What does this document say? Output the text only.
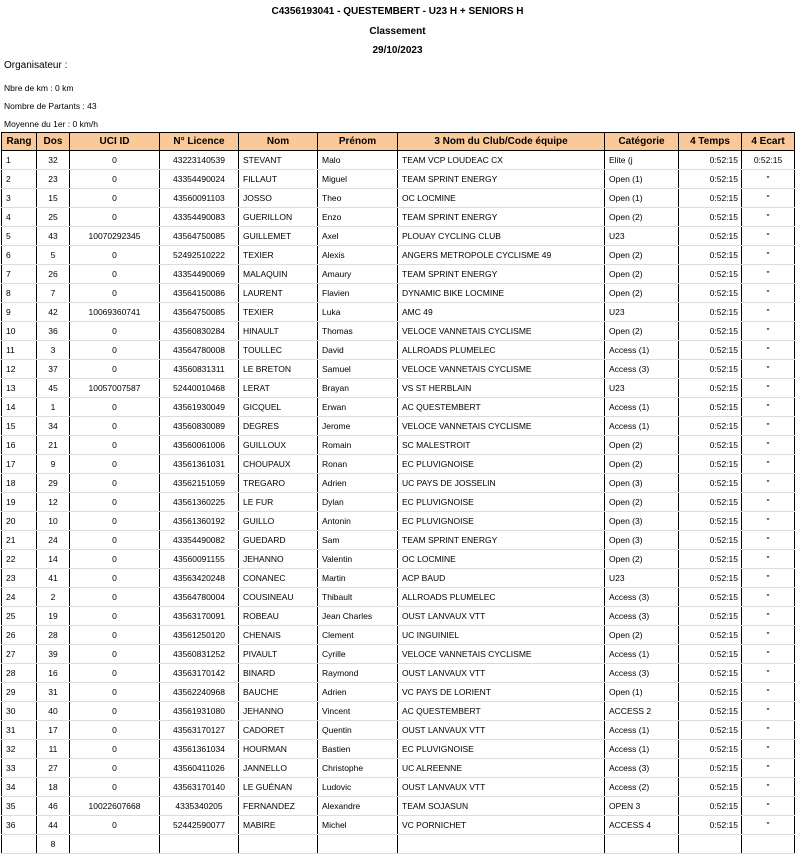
C4356193041 - QUESTEMBERT - U23 H + SENIORS H
Classement
29/10/2023
Organisateur :
Nbre de km : 0 km
Nombre de Partants : 43
Moyenne du 1er : 0 km/h
Rang	Dos	UCI ID	N° Licence	Nom	Prénom	3 Nom du Club/Code équipe	Catégorie	4 Temps	4 Ecart
1	32	0	43223140539	STEVANT	Malo	TEAM VCP LOUDEAC CX	Elite (j	0:52:15	0:52:15
2	23	0	43354490024	FILLAUT	Miguel	TEAM SPRINT ENERGY	Open (1)	0:52:15	"
3	15	0	43560091103	JOSSO	Theo	OC LOCMINE	Open (1)	0:52:15	"
4	25	0	43354490083	GUERILLON	Enzo	TEAM SPRINT ENERGY	Open (2)	0:52:15	"
5	43	10070292345	43564750085	GUILLEMET	Axel	PLOUAY CYCLING CLUB	U23	0:52:15	"
6	5	0	52492510222	TEXIER	Alexis	ANGERS METROPOLE CYCLISME 49	Open (2)	0:52:15	"
7	26	0	43354490069	MALAQUIN	Amaury	TEAM SPRINT ENERGY	Open (2)	0:52:15	"
8	7	0	43564150086	LAURENT	Flavien	DYNAMIC BIKE LOCMINE	Open (2)	0:52:15	"
9	42	10069360741	43564750085	TEXIER	Luka	AMC 49	U23	0:52:15	"
10	36	0	43560830284	HINAULT	Thomas	VELOCE VANNETAIS CYCLISME	Open (2)	0:52:15	"
11	3	0	43564780008	TOULLEC	David	ALLROADS PLUMELEC	Access (1)	0:52:15	"
12	37	0	43560831311	LE BRETON	Samuel	VELOCE VANNETAIS CYCLISME	Access (3)	0:52:15	"
13	45	10057007587	52440010468	LERAT	Brayan	VS ST HERBLAIN	U23	0:52:15	"
14	1	0	43561930049	GICQUEL	Erwan	AC QUESTEMBERT	Access (1)	0:52:15	"
15	34	0	43560830089	DEGRES	Jerome	VELOCE VANNETAIS CYCLISME	Access (1)	0:52:15	"
16	21	0	43560061006	GUILLOUX	Romain	SC MALESTROIT	Open (2)	0:52:15	"
17	9	0	43561361031	CHOUPAUX	Ronan	EC PLUVIGNOISE	Open (2)	0:52:15	"
18	29	0	43562151059	TREGARO	Adrien	UC PAYS DE JOSSELIN	Open (3)	0:52:15	"
19	12	0	43561360225	LE FUR	Dylan	EC PLUVIGNOISE	Open (2)	0:52:15	"
20	10	0	43561360192	GUILLO	Antonin	EC PLUVIGNOISE	Open (3)	0:52:15	"
21	24	0	43354490082	GUEDARD	Sam	TEAM SPRINT ENERGY	Open (3)	0:52:15	"
22	14	0	43560091155	JEHANNO	Valentin	OC LOCMINE	Open (2)	0:52:15	"
23	41	0	43563420248	CONANEC	Martin	ACP BAUD	U23	0:52:15	"
24	2	0	43564780004	COUSINEAU	Thibault	ALLROADS PLUMELEC	Access (3)	0:52:15	"
25	19	0	43563170091	ROBEAU	Jean Charles	OUST LANVAUX VTT	Access (3)	0:52:15	"
26	28	0	43561250120	CHENAIS	Clement	UC INGUINIEL	Open (2)	0:52:15	"
27	39	0	43560831252	PIVAULT	Cyrille	VELOCE VANNETAIS CYCLISME	Access (1)	0:52:15	"
28	16	0	43563170142	BINARD	Raymond	OUST LANVAUX VTT	Access (3)	0:52:15	"
29	31	0	43562240968	BAUCHE	Adrien	VC PAYS DE LORIENT	Open (1)	0:52:15	"
30	40	0	43561931080	JEHANNO	Vincent	AC QUESTEMBERT	ACCESS 2	0:52:15	"
31	17	0	43563170127	CADORET	Quentin	OUST LANVAUX VTT	Access (1)	0:52:15	"
32	11	0	43561361034	HOURMAN	Bastien	EC PLUVIGNOISE	Access (1)	0:52:15	"
33	27	0	43560411026	JANNELLO	Christophe	UC ALREENNE	Access (3)	0:52:15	"
34	18	0	43563170140	LE GUÉNAN	Ludovic	OUST LANVAUX VTT	Access (2)	0:52:15	"
35	46	10022607668	4335340205	FERNANDEZ	Alexandre	TEAM SOJASUN	OPEN 3	0:52:15	"
36	44	0	52442590077	MABIRE	Michel	VC PORNICHET	ACCESS 4	0:52:15	"
	8								
